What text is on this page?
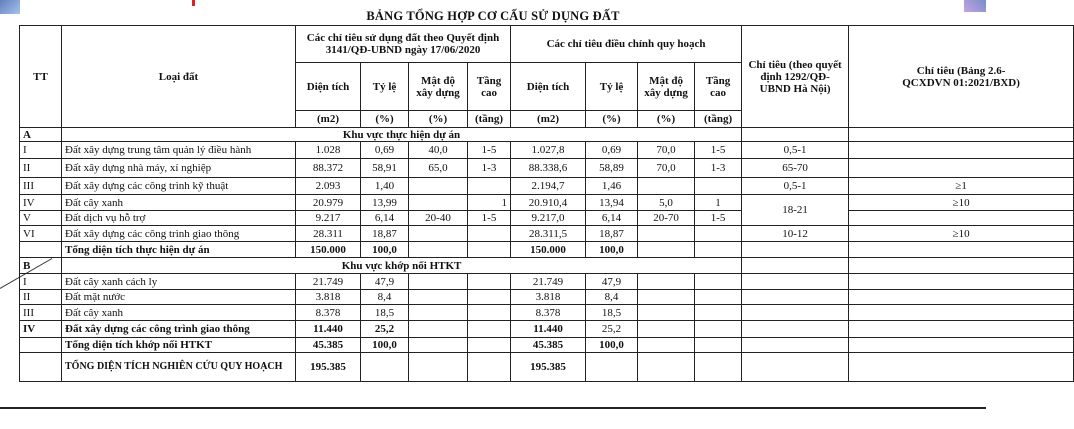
BẢNG TỔNG HỢP CƠ CẤU SỬ DỤNG ĐẤT
TT	Loại đất	Các chỉ tiêu sử dụng đất theo Quyết định 3141/QĐ-UBND ngày 17/06/2020				Các chỉ tiêu điều chỉnh quy hoạch				Chỉ tiêu (theo quyết định 1292/QĐ-UBND Hà Nội)	Chỉ tiêu (Bảng 2.6-QCXDVN 01:2021/BXD)
		Diện tích	Tỷ lệ	Mật độ xây dựng	Tầng cao	Diện tích	Tỷ lệ	Mật độ xây dựng	Tầng cao		
		(m2)	(%)	(%)	(tầng)	(m2)	(%)	(%)	(tầng)		
A	Khu vực thực hiện dự án										
I	Đất xây dựng trung tâm quản lý điều hành	1.028	0,69	40,0	1-5	1.027,8	0,69	70,0	1-5	0,5-1	
II	Đất xây dựng nhà máy, xí nghiệp	88.372	58,91	65,0	1-3	88.338,6	58,89	70,0	1-3	65-70	
III	Đất xây dựng các công trình kỹ thuật	2.093	1,40			2.194,7	1,46			0,5-1	≥1
IV	Đất cây xanh	20.979	13,99		1	20.910,4	13,94	5,0	1	18-21	≥10
V	Đất dịch vụ hỗ trợ	9.217	6,14	20-40	1-5	9.217,0	6,14	20-70	1-5		
VI	Đất xây dựng các công trình giao thông	28.311	18,87			28.311,5	18,87			10-12	≥10
	Tổng diện tích thực hiện dự án	150.000	100,0			150.000	100,0				
B	Khu vực khớp nối HTKT										
I	Đất cây xanh cách ly	21.749	47,9			21.749	47,9				
II	Đất mặt nước	3.818	8,4			3.818	8,4				
III	Đất cây xanh	8.378	18,5			8.378	18,5				
IV	Đất xây dựng các công trình giao thông	11.440	25,2			11.440	25,2				
	Tổng diện tích khớp nối HTKT	45.385	100,0			45.385	100,0				
	TỔNG DIỆN TÍCH NGHIÊN CỨU QUY HOẠCH	195.385				195.385					
